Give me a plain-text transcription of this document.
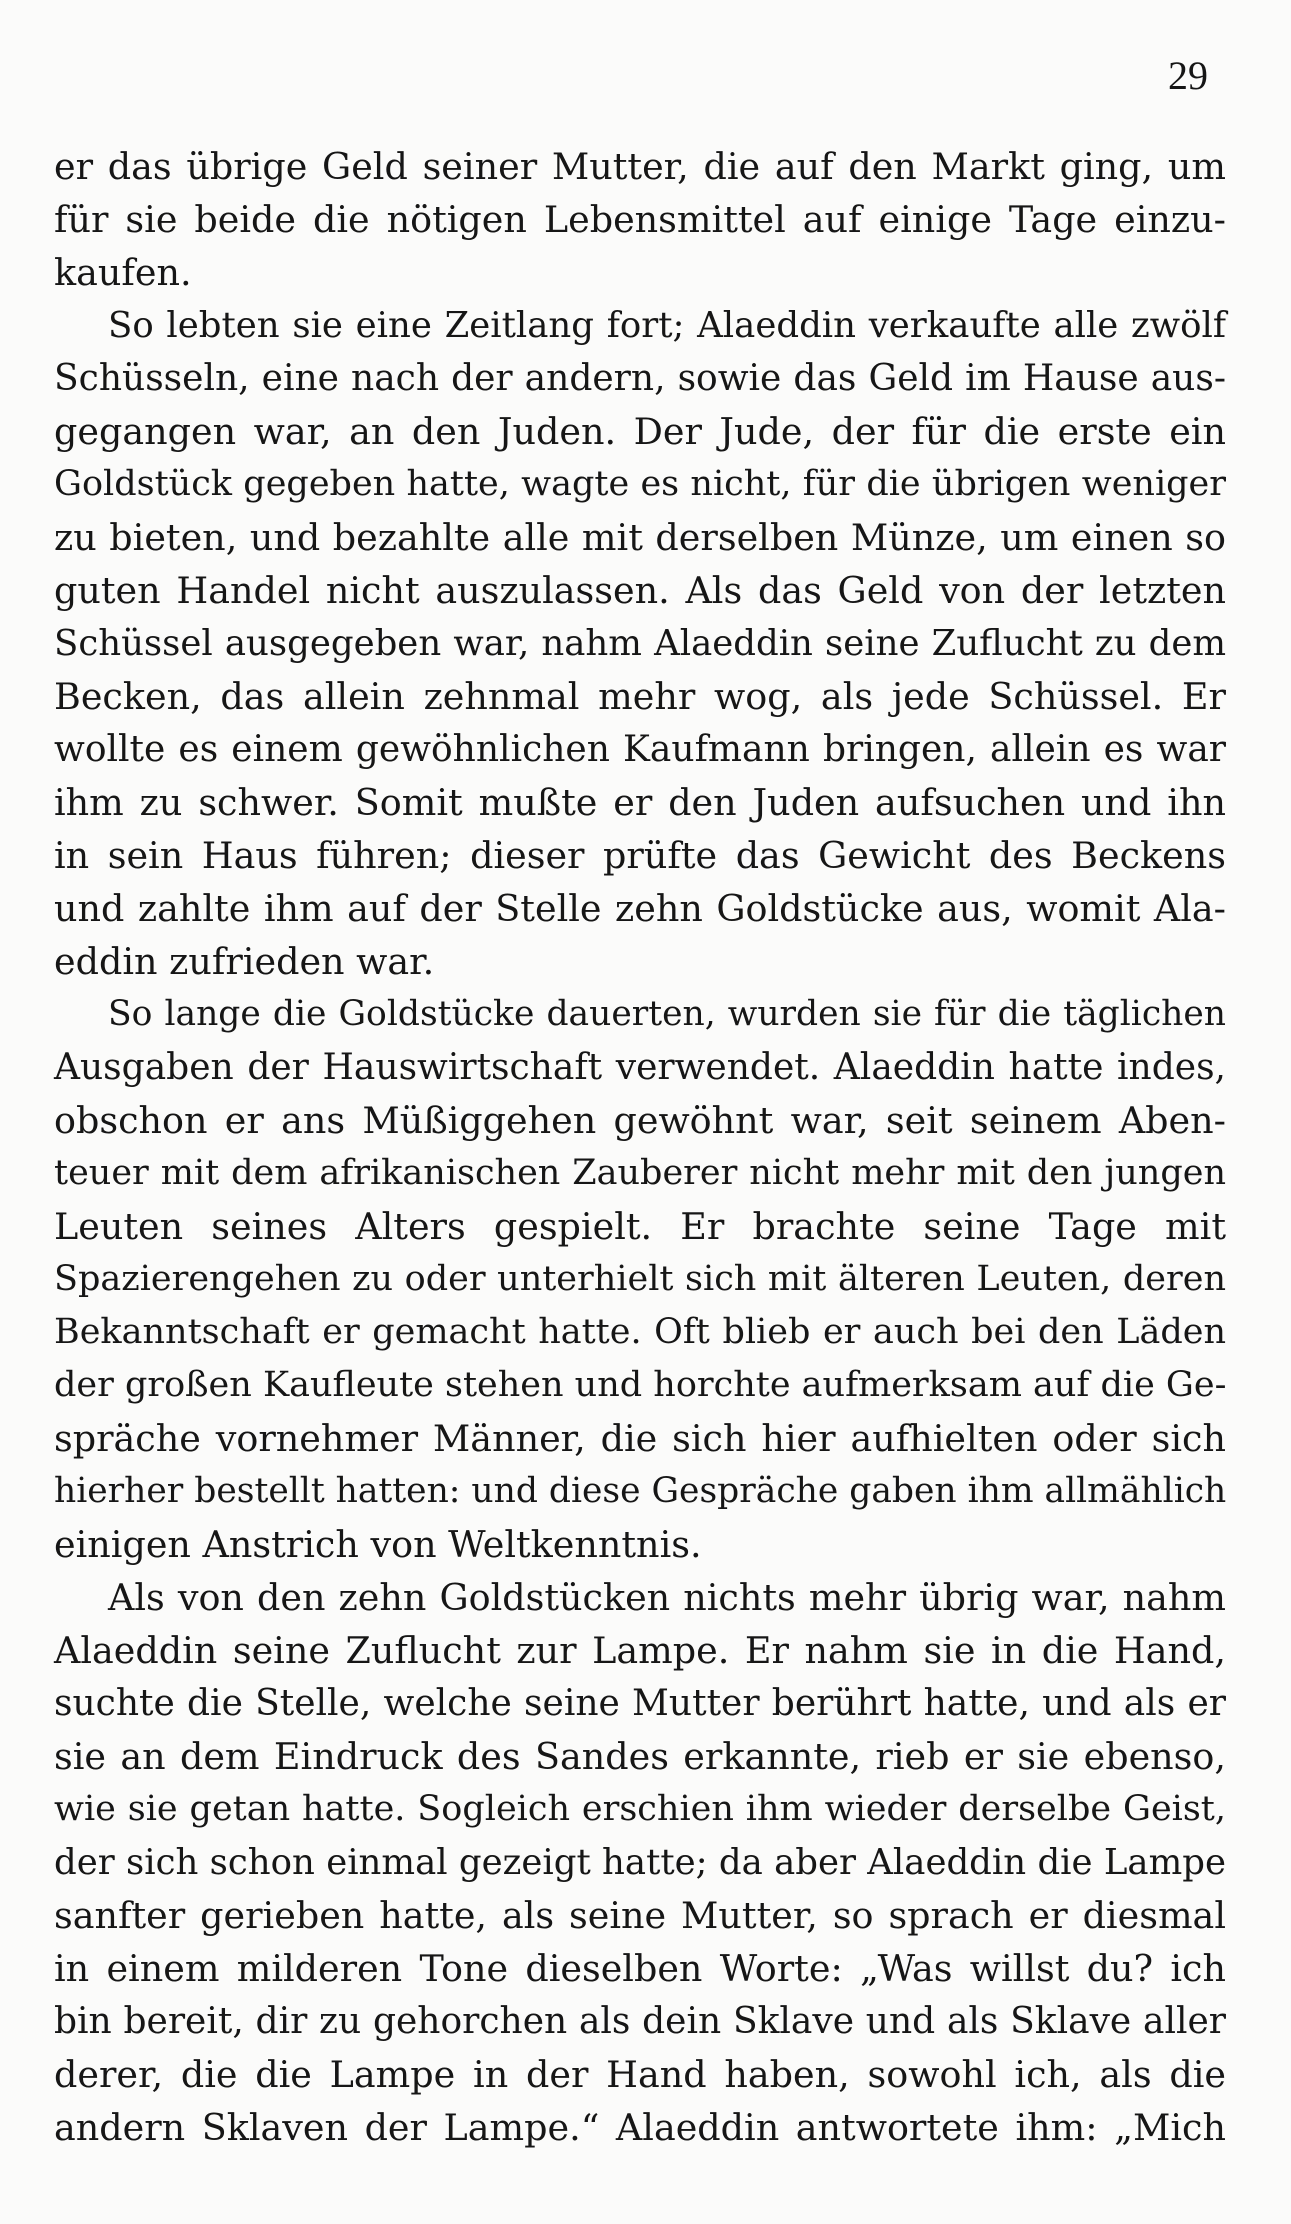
29
er das übrige Geld seiner Mutter, die auf den Markt ging, um
für sie beide die nötigen Lebensmittel auf einige Tage einzu-
kaufen.
So lebten sie eine Zeitlang fort; Alaeddin verkaufte alle zwölf
Schüsseln, eine nach der andern, sowie das Geld im Hause aus-
gegangen war, an den Juden. Der Jude, der für die erste ein
Goldstück gegeben hatte, wagte es nicht, für die übrigen weniger
zu bieten, und bezahlte alle mit derselben Münze, um einen so
guten Handel nicht auszulassen. Als das Geld von der letzten
Schüssel ausgegeben war, nahm Alaeddin seine Zuflucht zu dem
Becken, das allein zehnmal mehr wog, als jede Schüssel. Er
wollte es einem gewöhnlichen Kaufmann bringen, allein es war
ihm zu schwer. Somit mußte er den Juden aufsuchen und ihn
in sein Haus führen; dieser prüfte das Gewicht des Beckens
und zahlte ihm auf der Stelle zehn Goldstücke aus, womit Ala-
eddin zufrieden war.
So lange die Goldstücke dauerten, wurden sie für die täglichen
Ausgaben der Hauswirtschaft verwendet. Alaeddin hatte indes,
obschon er ans Müßiggehen gewöhnt war, seit seinem Aben-
teuer mit dem afrikanischen Zauberer nicht mehr mit den jungen
Leuten seines Alters gespielt. Er brachte seine Tage mit
Spazierengehen zu oder unterhielt sich mit älteren Leuten, deren
Bekanntschaft er gemacht hatte. Oft blieb er auch bei den Läden
der großen Kaufleute stehen und horchte aufmerksam auf die Ge-
spräche vornehmer Männer, die sich hier aufhielten oder sich
hierher bestellt hatten: und diese Gespräche gaben ihm allmählich
einigen Anstrich von Weltkenntnis.
Als von den zehn Goldstücken nichts mehr übrig war, nahm
Alaeddin seine Zuflucht zur Lampe. Er nahm sie in die Hand,
suchte die Stelle, welche seine Mutter berührt hatte, und als er
sie an dem Eindruck des Sandes erkannte, rieb er sie ebenso,
wie sie getan hatte. Sogleich erschien ihm wieder derselbe Geist,
der sich schon einmal gezeigt hatte; da aber Alaeddin die Lampe
sanfter gerieben hatte, als seine Mutter, so sprach er diesmal
in einem milderen Tone dieselben Worte: „Was willst du? ich
bin bereit, dir zu gehorchen als dein Sklave und als Sklave aller
derer, die die Lampe in der Hand haben, sowohl ich, als die
andern Sklaven der Lampe.“ Alaeddin antwortete ihm: „Mich
